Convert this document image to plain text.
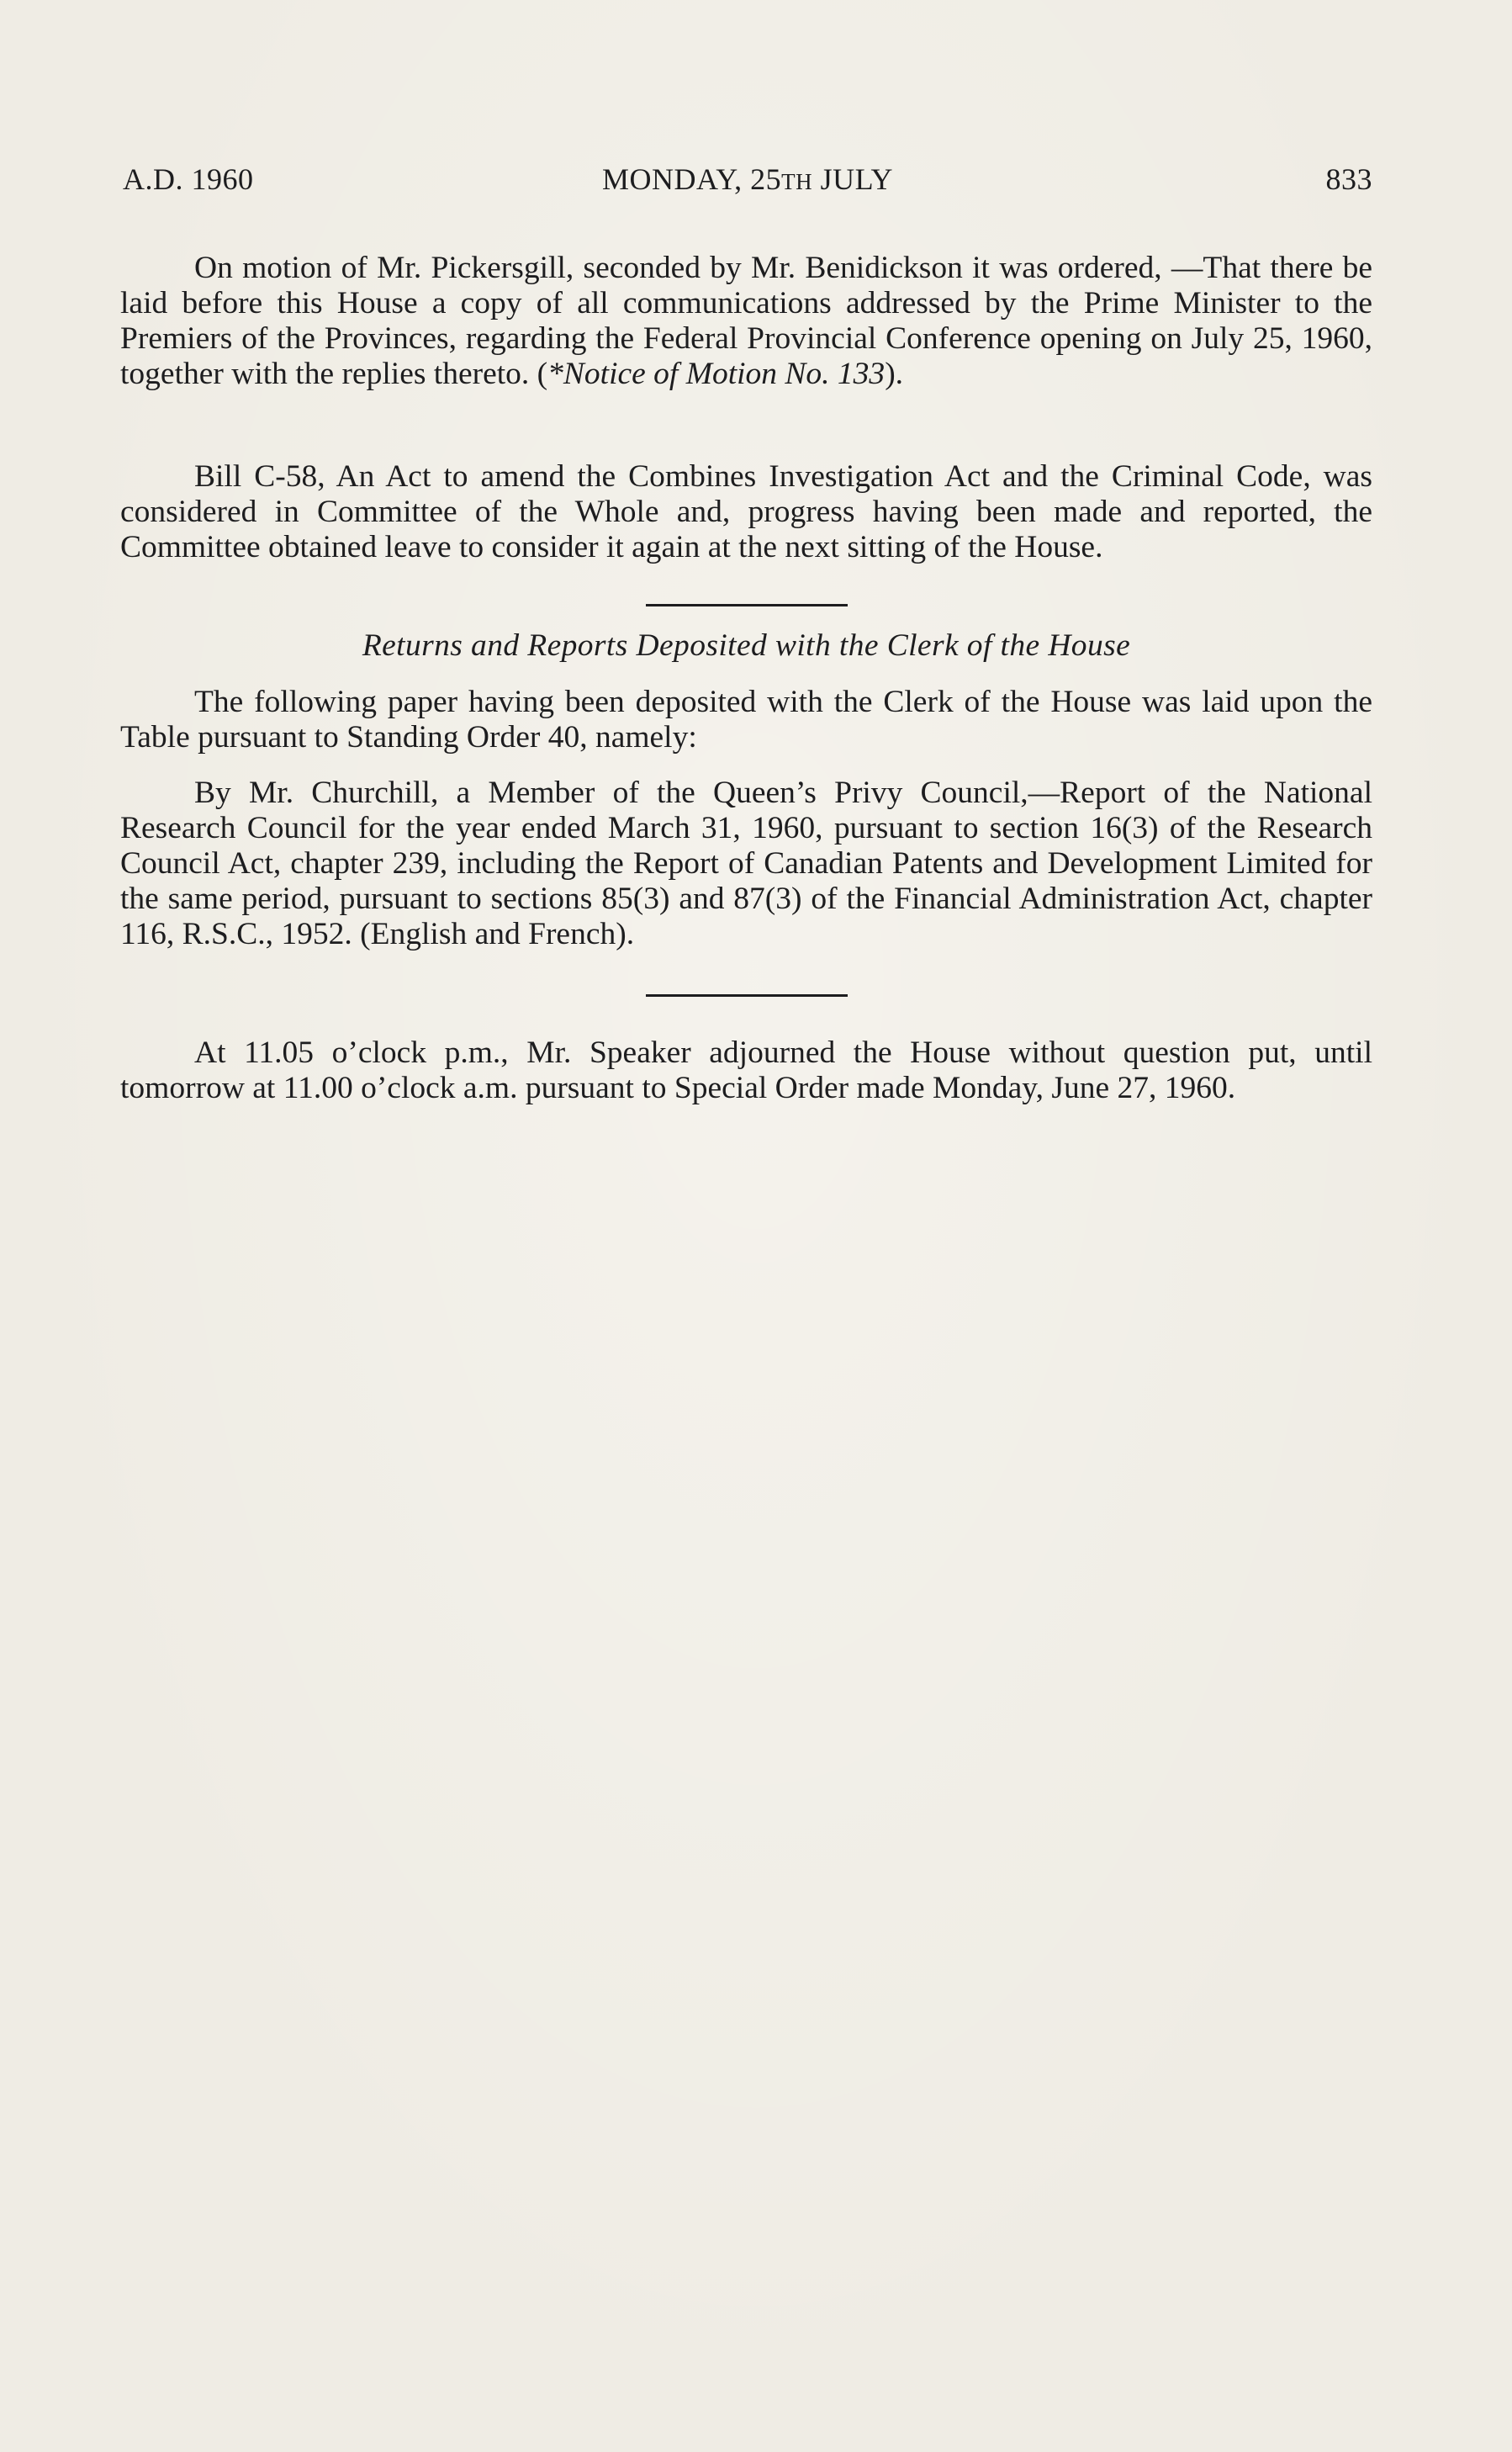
A.D. 1960	MONDAY, 25TH JULY	833

On motion of Mr. Pickersgill, seconded by Mr. Benidickson it was ordered, —That there be laid before this House a copy of all communications addressed by the Prime Minister to the Premiers of the Provinces, regarding the Federal Provincial Conference opening on July 25, 1960, together with the replies thereto. (*Notice of Motion No. 133).

Bill C-58, An Act to amend the Combines Investigation Act and the Criminal Code, was considered in Committee of the Whole and, progress having been made and reported, the Committee obtained leave to consider it again at the next sitting of the House.

Returns and Reports Deposited with the Clerk of the House

The following paper having been deposited with the Clerk of the House was laid upon the Table pursuant to Standing Order 40, namely:

By Mr. Churchill, a Member of the Queen’s Privy Council,—Report of the National Research Council for the year ended March 31, 1960, pursuant to section 16(3) of the Research Council Act, chapter 239, including the Report of Canadian Patents and Development Limited for the same period, pursuant to sections 85(3) and 87(3) of the Financial Administration Act, chapter 116, R.S.C., 1952. (English and French).

At 11.05 o’clock p.m., Mr. Speaker adjourned the House without question put, until tomorrow at 11.00 o’clock a.m. pursuant to Special Order made Monday, June 27, 1960.
